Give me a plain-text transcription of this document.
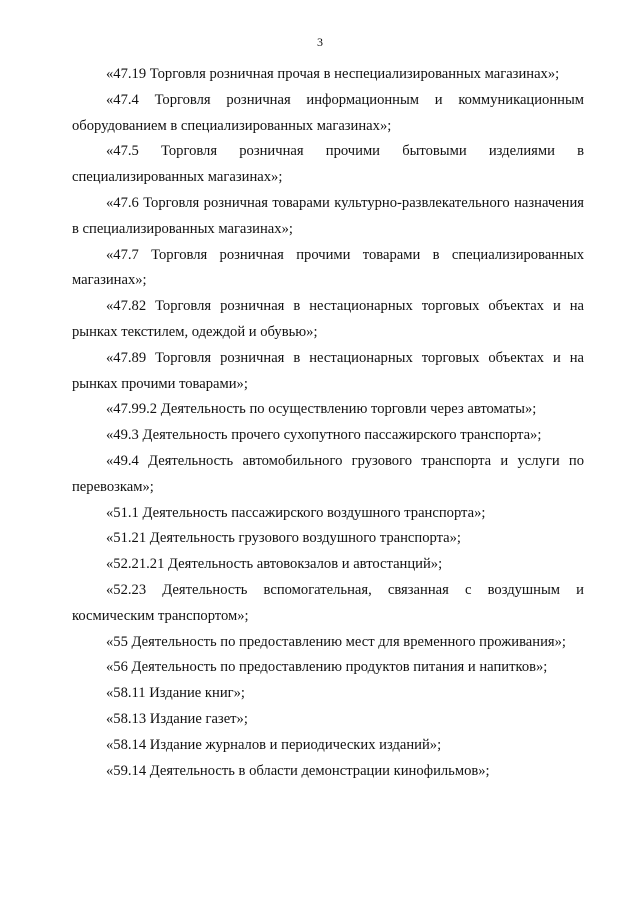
3

«47.19 Торговля розничная прочая в неспециализированных магазинах»;

«47.4 Торговля розничная информационным и коммуникационным оборудованием в специализированных магазинах»;

«47.5 Торговля розничная прочими бытовыми изделиями в специализированных магазинах»;

«47.6 Торговля розничная товарами культурно-развлекательного назначения в специализированных магазинах»;

«47.7 Торговля розничная прочими товарами в специализированных магазинах»;

«47.82 Торговля розничная в нестационарных торговых объектах и на рынках текстилем, одеждой и обувью»;

«47.89 Торговля розничная в нестационарных торговых объектах и на рынках прочими товарами»;

«47.99.2 Деятельность по осуществлению торговли через автоматы»;

«49.3 Деятельность прочего сухопутного пассажирского транспорта»;

«49.4 Деятельность автомобильного грузового транспорта и услуги по перевозкам»;

«51.1 Деятельность пассажирского воздушного транспорта»;

«51.21 Деятельность грузового воздушного транспорта»;

«52.21.21 Деятельность автовокзалов и автостанций»;

«52.23 Деятельность вспомогательная, связанная с воздушным и космическим транспортом»;

«55 Деятельность по предоставлению мест для временного проживания»;

«56 Деятельность по предоставлению продуктов питания и напитков»;

«58.11 Издание книг»;

«58.13 Издание газет»;

«58.14 Издание журналов и периодических изданий»;

«59.14 Деятельность в области демонстрации кинофильмов»;
